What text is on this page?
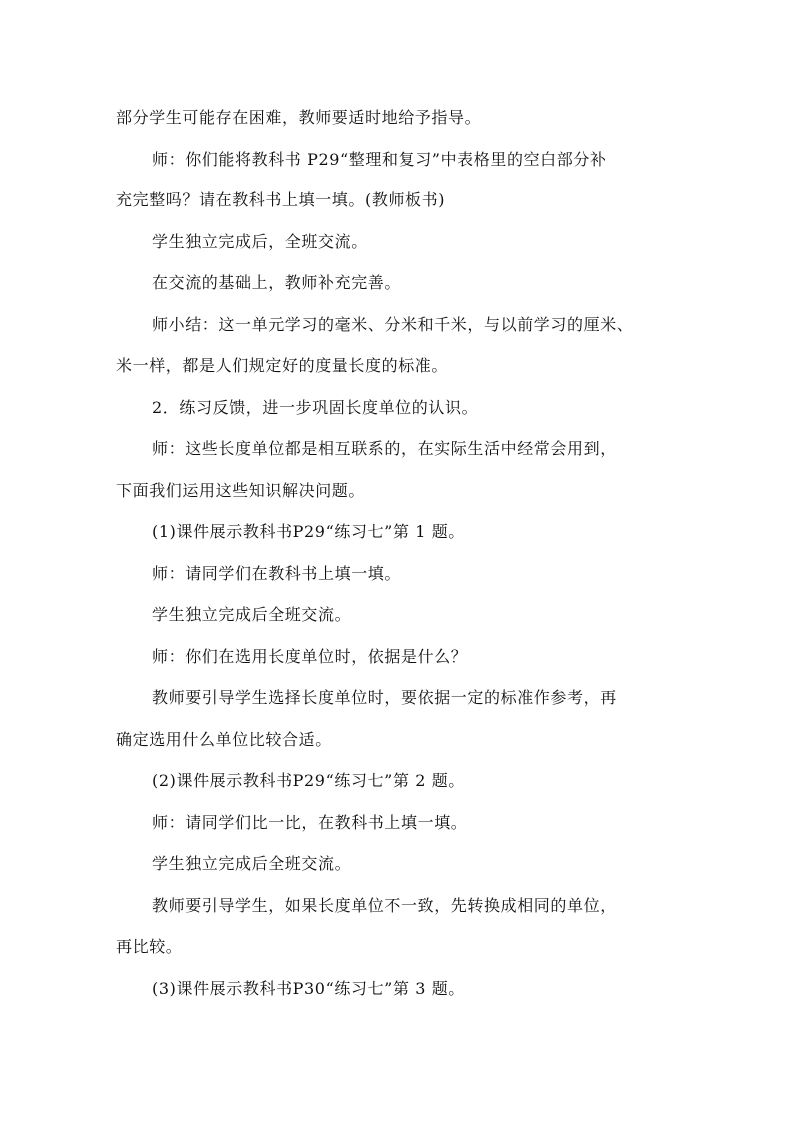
部分学生可能存在困难，教师要适时地给予指导。
师：你们能将教科书 P29“整理和复习”中表格里的空白部分补
充完整吗？请在教科书上填一填。(教师板书)
学生独立完成后，全班交流。
在交流的基础上，教师补充完善。
师小结：这一单元学习的毫米、分米和千米，与以前学习的厘米、
米一样，都是人们规定好的度量长度的标准。
2．练习反馈，进一步巩固长度单位的认识。
师：这些长度单位都是相互联系的，在实际生活中经常会用到，
下面我们运用这些知识解决问题。
(1)课件展示教科书P29“练习七”第 1 题。
师：请同学们在教科书上填一填。
学生独立完成后全班交流。
师：你们在选用长度单位时，依据是什么？
教师要引导学生选择长度单位时，要依据一定的标准作参考，再
确定选用什么单位比较合适。
(2)课件展示教科书P29“练习七”第 2 题。
师：请同学们比一比，在教科书上填一填。
学生独立完成后全班交流。
教师要引导学生，如果长度单位不一致，先转换成相同的单位，
再比较。
(3)课件展示教科书P30“练习七”第 3 题。
